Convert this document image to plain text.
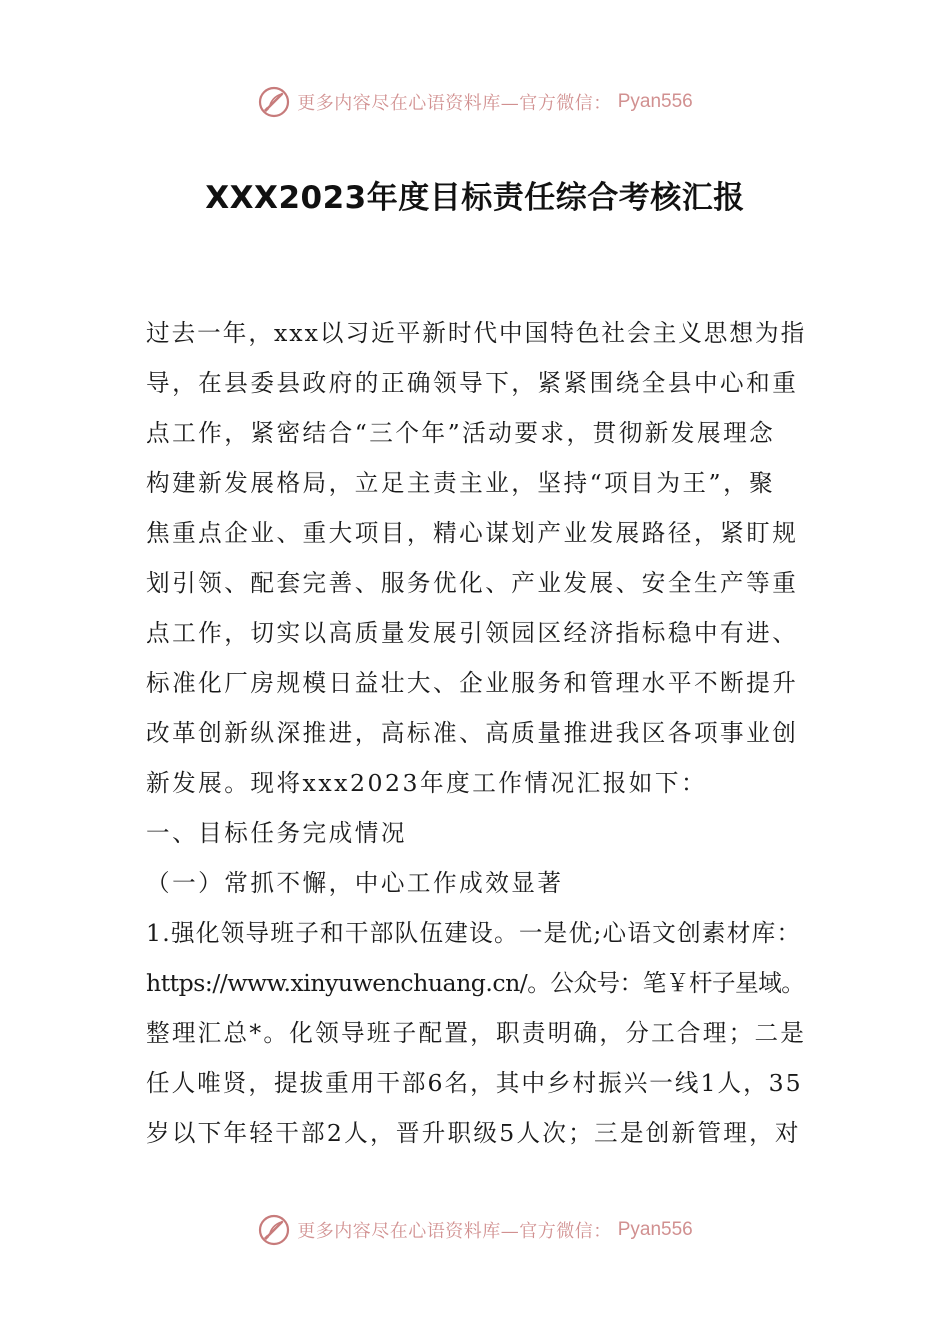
更多内容尽在心语资料库—官方微信： Pyan556
XXX2023年度目标责任综合考核汇报
过去一年，xxx以习近平新时代中国特色社会主义思想为指
导，在县委县政府的正确领导下，紧紧围绕全县中心和重
点工作，紧密结合“三个年”活动要求，贯彻新发展理念
构建新发展格局，立足主责主业，坚持“项目为王”，聚
焦重点企业、重大项目，精心谋划产业发展路径，紧盯规
划引领、配套完善、服务优化、产业发展、安全生产等重
点工作，切实以高质量发展引领园区经济指标稳中有进、
标准化厂房规模日益壮大、企业服务和管理水平不断提升
改革创新纵深推进，高标准、高质量推进我区各项事业创
新发展。现将xxx2023年度工作情况汇报如下：
一、目标任务完成情况
（一）常抓不懈，中心工作成效显著
1.强化领导班子和干部队伍建设。一是优;心语文创素材库：
https://www.xinyuwenchuang.cn/。公众号：笔￥杆子星域。
整理汇总*。化领导班子配置，职责明确，分工合理；二是
任人唯贤，提拔重用干部6名，其中乡村振兴一线1人，35
岁以下年轻干部2人，晋升职级5人次；三是创新管理，对
更多内容尽在心语资料库—官方微信： Pyan556
